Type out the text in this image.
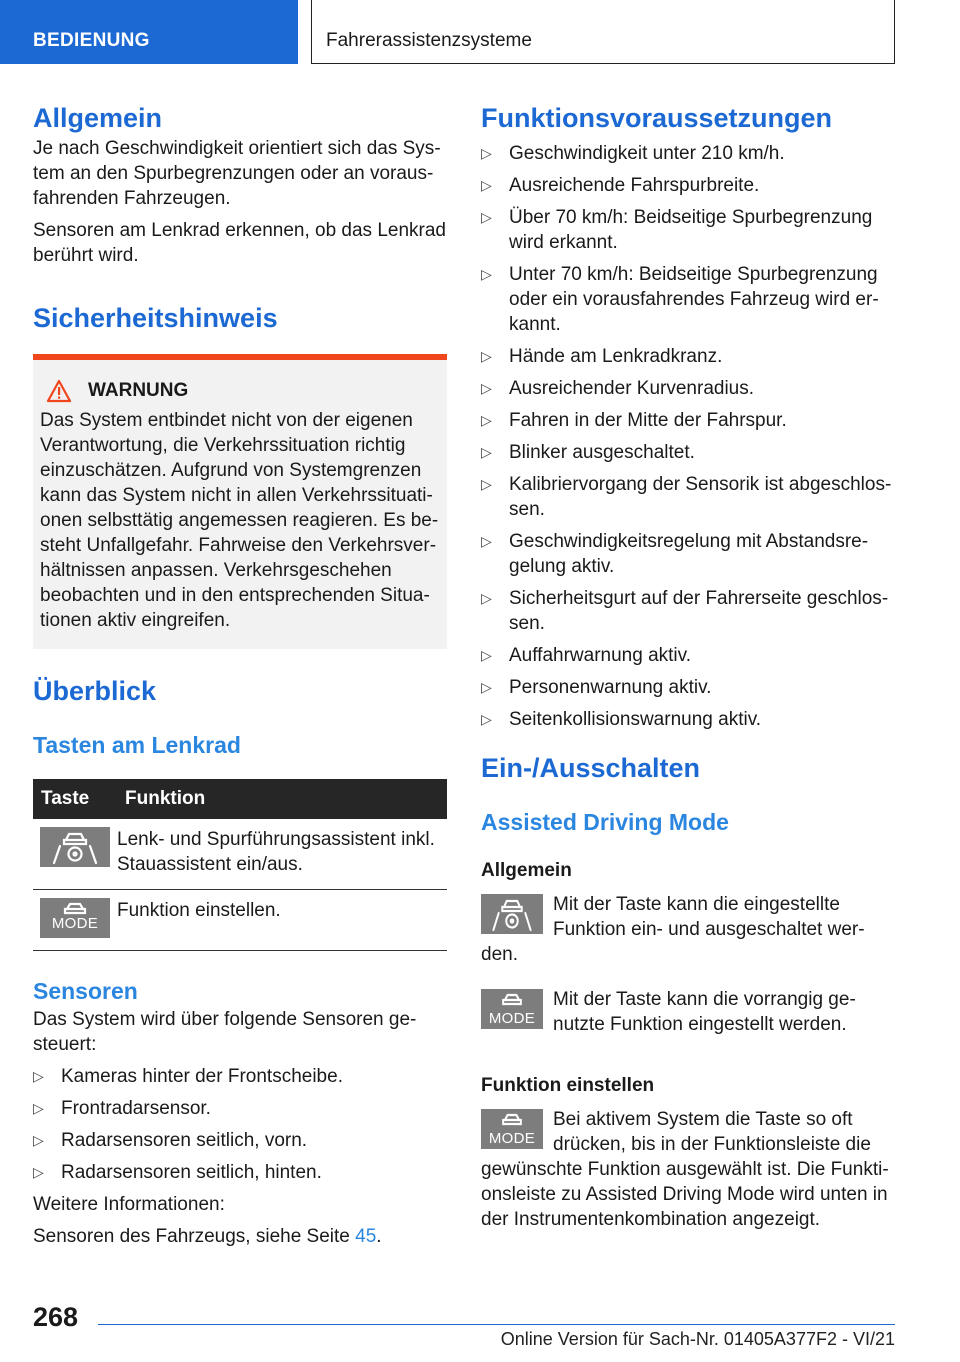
BEDIENUNG	Fahrerassistenzsysteme
Allgemein

Je nach Geschwindigkeit orientiert sich das System an den Spurbegrenzungen oder an vorausfahrenden Fahrzeugen.

Sensoren am Lenkrad erkennen, ob das Lenkrad berührt wird.

Sicherheitshinweis
WARNUNG

Das System entbindet nicht von der eigenen Verantwortung, die Verkehrssituation richtig einzuschätzen. Aufgrund von Systemgrenzen kann das System nicht in allen Verkehrssituationen selbsttätig angemessen reagieren. Es besteht Unfallgefahr. Fahrweise den Verkehrsverhältnissen anpassen. Verkehrsgeschehen beobachten und in den entsprechenden Situationen aktiv eingreifen.

Überblick
Tasten am Lenkrad
Taste	Funktion

	Lenk- und Spurführungsassistent inkl. Stauassistent ein/aus.

MODE	Funktion einstellen.
Sensoren

Das System wird über folgende Sensoren gesteuert:

▷ Kameras hinter der Frontscheibe.
▷ Frontradarsensor.
▷ Radarsensoren seitlich, vorn.
▷ Radarsensoren seitlich, hinten.

Weitere Informationen:

Sensoren des Fahrzeugs, siehe Seite 45.

Funktionsvoraussetzungen
▷ Geschwindigkeit unter 210 km/h.
▷ Ausreichende Fahrspurbreite.
▷ Über 70 km/h: Beidseitige Spurbegrenzung wird erkannt.
▷ Unter 70 km/h: Beidseitige Spurbegrenzung oder ein vorausfahrendes Fahrzeug wird erkannt.
▷ Hände am Lenkradkranz.
▷ Ausreichender Kurvenradius.
▷ Fahren in der Mitte der Fahrspur.
▷ Blinker ausgeschaltet.
▷ Kalibriervorgang der Sensorik ist abgeschlossen.
▷ Geschwindigkeitsregelung mit Abstandsregelung aktiv.
▷ Sicherheitsgurt auf der Fahrerseite geschlossen.
▷ Auffahrwarnung aktiv.
▷ Personenwarnung aktiv.
▷ Seitenkollisionswarnung aktiv.
Ein-/Ausschalten
Assisted Driving Mode
Allgemein

Mit der Taste kann die eingestellte Funktion ein- und ausgeschaltet werden.

MODE

Mit der Taste kann die vorrangig genutzte Funktion eingestellt werden.

Funktion einstellen
MODE

Bei aktivem System die Taste so oft drücken, bis in der Funktionsleiste die gewünschte Funktion ausgewählt ist. Die Funktionsleiste zu Assisted Driving Mode wird unten in der Instrumentenkombination angezeigt.

268
Online Version für Sach-Nr. 01405A377F2 - VI/21
